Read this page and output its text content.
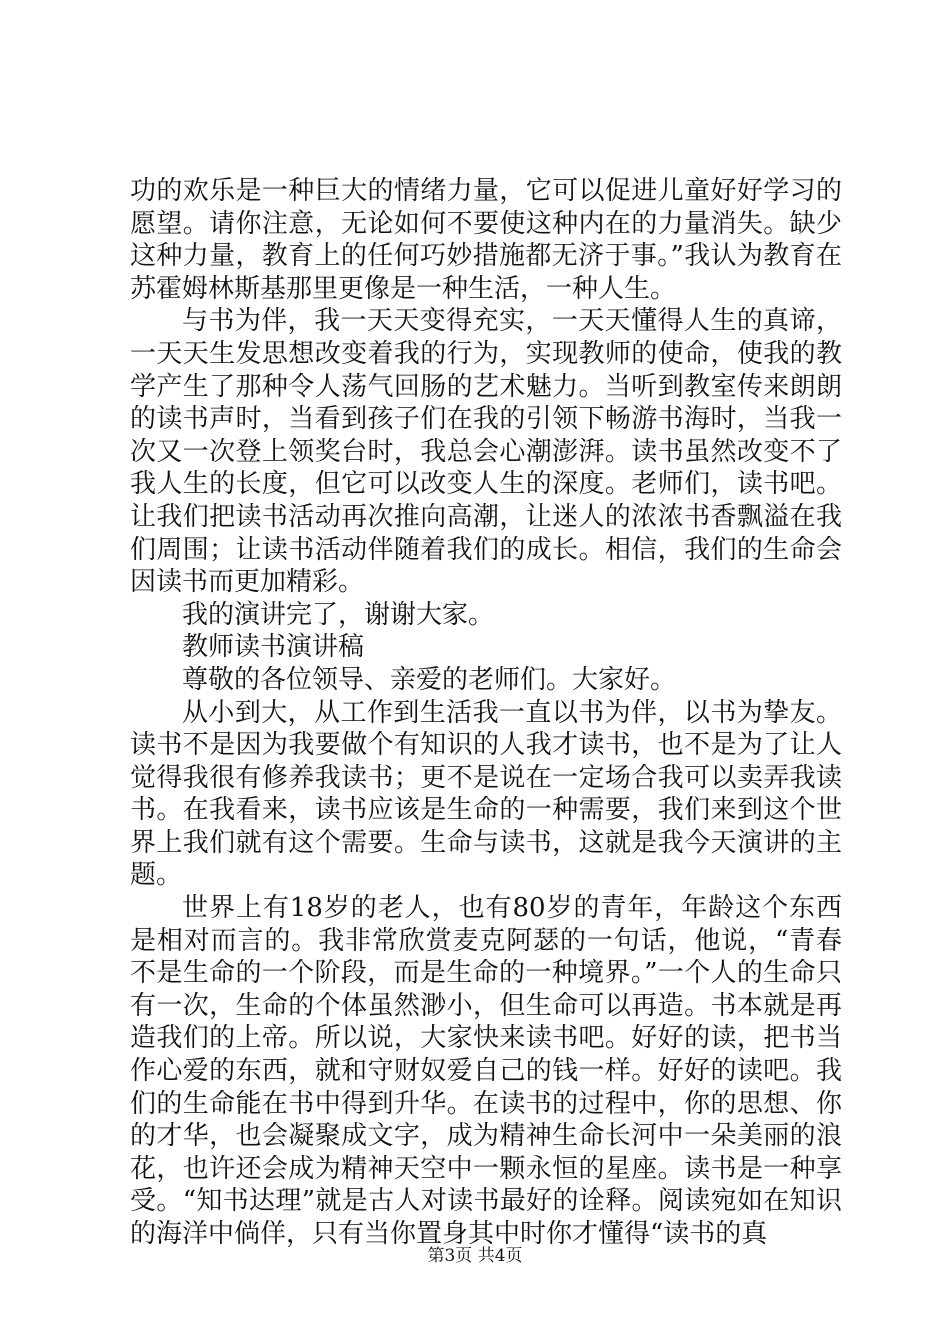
功的欢乐是一种巨大的情绪力量，它可以促进儿童好好学习的愿望。请你注意，无论如何不要使这种内在的力量消失。缺少这种力量，教育上的任何巧妙措施都无济于事。”我认为教育在苏霍姆林斯基那里更像是一种生活，一种人生。

与书为伴，我一天天变得充实，一天天懂得人生的真谛，一天天生发思想改变着我的行为，实现教师的使命，使我的教学产生了那种令人荡气回肠的艺术魅力。当听到教室传来朗朗的读书声时，当看到孩子们在我的引领下畅游书海时，当我一次又一次登上领奖台时，我总会心潮澎湃。读书虽然改变不了我人生的长度，但它可以改变人生的深度。老师们，读书吧。让我们把读书活动再次推向高潮，让迷人的浓浓书香飘溢在我们周围；让读书活动伴随着我们的成长。相信，我们的生命会因读书而更加精彩。

我的演讲完了，谢谢大家。

教师读书演讲稿

尊敬的各位领导、亲爱的老师们。大家好。

从小到大，从工作到生活我一直以书为伴，以书为挚友。读书不是因为我要做个有知识的人我才读书，也不是为了让人觉得我很有修养我读书；更不是说在一定场合我可以卖弄我读书。在我看来，读书应该是生命的一种需要，我们来到这个世界上我们就有这个需要。生命与读书，这就是我今天演讲的主题。

世界上有18岁的老人，也有80岁的青年，年龄这个东西是相对而言的。我非常欣赏麦克阿瑟的一句话，他说，“青春不是生命的一个阶段，而是生命的一种境界。”一个人的生命只有一次，生命的个体虽然渺小，但生命可以再造。书本就是再造我们的上帝。所以说，大家快来读书吧。好好的读，把书当作心爱的东西，就和守财奴爱自己的钱一样。好好的读吧。我们的生命能在书中得到升华。在读书的过程中，你的思想、你的才华，也会凝聚成文字，成为精神生命长河中一朵美丽的浪花，也许还会成为精神天空中一颗永恒的星座。读书是一种享受。“知书达理”就是古人对读书最好的诠释。阅读宛如在知识的海洋中倘佯，只有当你置身其中时你才懂得“读书的真

第3页 共4页
